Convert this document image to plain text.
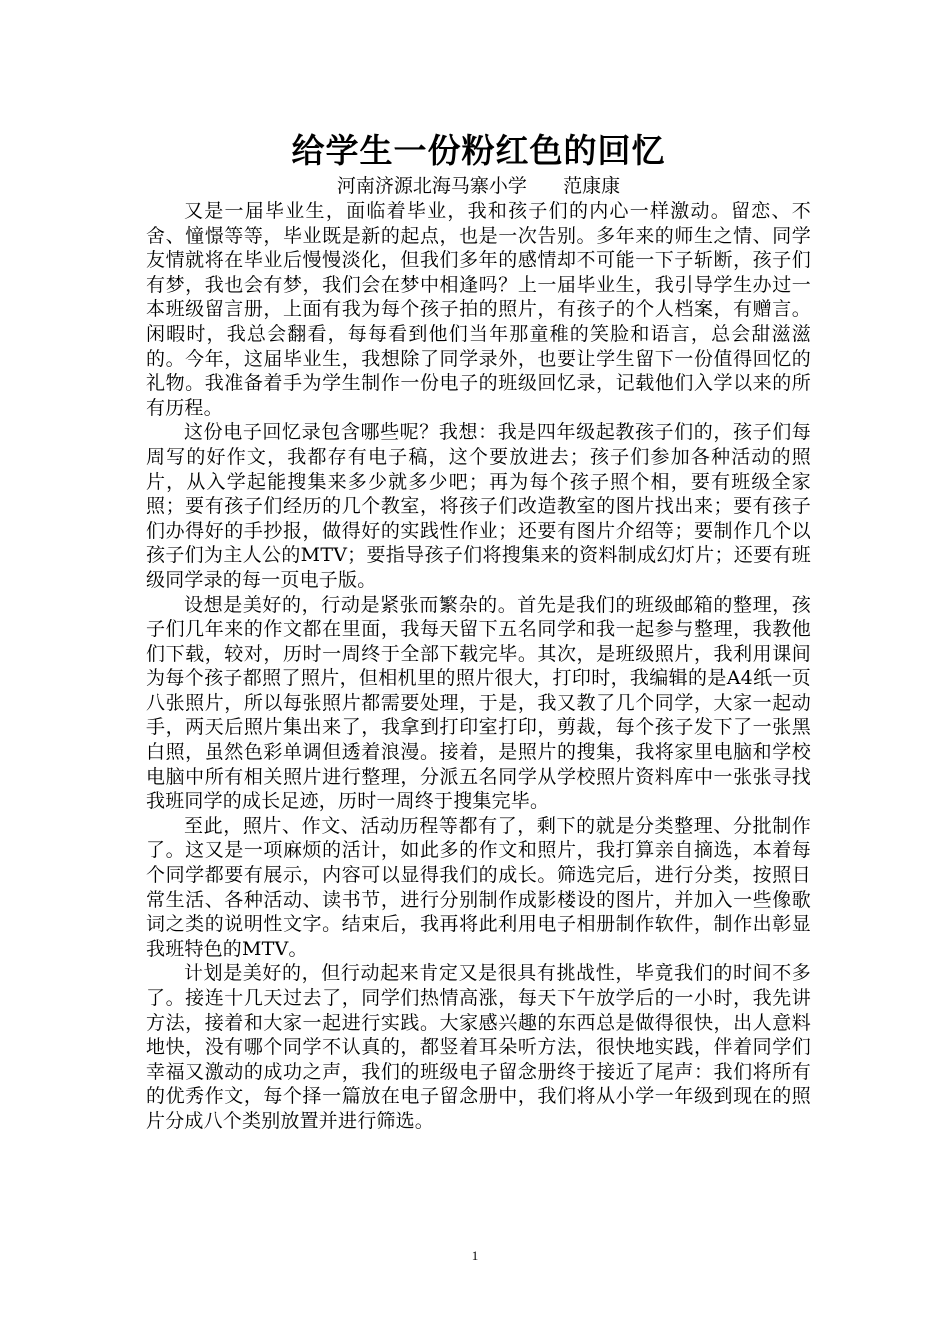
给学生一份粉红色的回忆

河南济源北海马寨小学      范康康

又是一届毕业生，面临着毕业，我和孩子们的内心一样激动。留恋、不舍、憧憬等等，毕业既是新的起点，也是一次告别。多年来的师生之情、同学友情就将在毕业后慢慢淡化，但我们多年的感情却不可能一下子斩断，孩子们有梦，我也会有梦，我们会在梦中相逢吗？上一届毕业生，我引导学生办过一本班级留言册，上面有我为每个孩子拍的照片，有孩子的个人档案，有赠言。闲暇时，我总会翻看，每每看到他们当年那童稚的笑脸和语言，总会甜滋滋的。今年，这届毕业生，我想除了同学录外，也要让学生留下一份值得回忆的礼物。我准备着手为学生制作一份电子的班级回忆录，记载他们入学以来的所有历程。

这份电子回忆录包含哪些呢？我想：我是四年级起教孩子们的，孩子们每周写的好作文，我都存有电子稿，这个要放进去；孩子们参加各种活动的照片，从入学起能搜集来多少就多少吧；再为每个孩子照个相，要有班级全家照；要有孩子们经历的几个教室，将孩子们改造教室的图片找出来；要有孩子们办得好的手抄报，做得好的实践性作业；还要有图片介绍等；要制作几个以孩子们为主人公的MTV；要指导孩子们将搜集来的资料制成幻灯片；还要有班级同学录的每一页电子版。

设想是美好的，行动是紧张而繁杂的。首先是我们的班级邮箱的整理，孩子们几年来的作文都在里面，我每天留下五名同学和我一起参与整理，我教他们下载，较对，历时一周终于全部下载完毕。其次，是班级照片，我利用课间为每个孩子都照了照片，但相机里的照片很大，打印时，我编辑的是A4纸一页八张照片，所以每张照片都需要处理，于是，我又教了几个同学，大家一起动手，两天后照片集出来了，我拿到打印室打印，剪裁，每个孩子发下了一张黑白照，虽然色彩单调但透着浪漫。接着，是照片的搜集，我将家里电脑和学校电脑中所有相关照片进行整理，分派五名同学从学校照片资料库中一张张寻找我班同学的成长足迹，历时一周终于搜集完毕。

至此，照片、作文、活动历程等都有了，剩下的就是分类整理、分批制作了。这又是一项麻烦的活计，如此多的作文和照片，我打算亲自摘选，本着每个同学都要有展示，内容可以显得我们的成长。筛选完后，进行分类，按照日常生活、各种活动、读书节，进行分别制作成影楼设的图片，并加入一些像歌词之类的说明性文字。结束后，我再将此利用电子相册制作软件，制作出彰显我班特色的MTV。

计划是美好的，但行动起来肯定又是很具有挑战性，毕竟我们的时间不多了。接连十几天过去了，同学们热情高涨，每天下午放学后的一小时，我先讲方法，接着和大家一起进行实践。大家感兴趣的东西总是做得很快，出人意料地快，没有哪个同学不认真的，都竖着耳朵听方法，很快地实践，伴着同学们幸福又激动的成功之声，我们的班级电子留念册终于接近了尾声：我们将所有的优秀作文，每个择一篇放在电子留念册中，我们将从小学一年级到现在的照片分成八个类别放置并进行筛选。

1
